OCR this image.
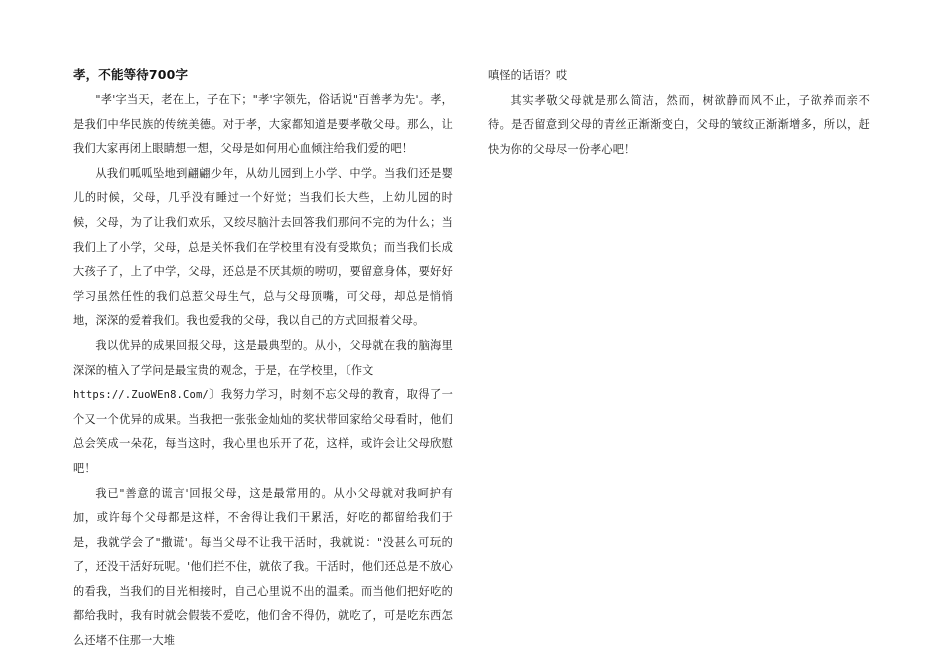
孝，不能等待700字

"孝'字当天，老在上，子在下；"孝'字领先，俗话说"百善孝为先'。孝，是我们中华民族的传统美德。对于孝，大家都知道是要孝敬父母。那么，让我们大家再闭上眼睛想一想，父母是如何用心血倾注给我们爱的吧！

从我们呱呱坠地到翩翩少年，从幼儿园到上小学、中学。当我们还是婴儿的时候，父母，几乎没有睡过一个好觉；当我们长大些，上幼儿园的时候，父母，为了让我们欢乐，又绞尽脑汁去回答我们那问不完的为什么；当我们上了小学，父母，总是关怀我们在学校里有没有受欺负；而当我们长成大孩子了，上了中学，父母，还总是不厌其烦的唠叨，要留意身体，要好好学习虽然任性的我们总惹父母生气，总与父母顶嘴，可父母，却总是悄悄地，深深的爱着我们。我也爱我的父母，我以自己的方式回报着父母。

我以优异的成果回报父母，这是最典型的。从小，父母就在我的脑海里深深的植入了学问是最宝贵的观念，于是，在学校里，〔作文

https://.ZuoWEn8.Com/〕我努力学习，时刻不忘父母的教育，取得了一个又一个优异的成果。当我把一张张金灿灿的奖状带回家给父母看时，他们总会笑成一朵花，每当这时，我心里也乐开了花，这样，或许会让父母欣慰吧！

我已"善意的谎言'回报父母，这是最常用的。从小父母就对我呵护有加，或许每个父母都是这样，不舍得让我们干累活，好吃的都留给我们于是，我就学会了"撒谎'。每当父母不让我干活时，我就说："没甚么可玩的了，还没干活好玩呢。'他们拦不住，就依了我。干活时，他们还总是不放心的看我，当我们的目光相接时，自己心里说不出的温柔。而当他们把好吃的都给我时，我有时就会假装不爱吃，他们舍不得仍，就吃了，可是吃东西怎么还堵不住那一大堆

嗔怪的话语？哎

其实孝敬父母就是那么简洁，然而，树欲静而风不止，子欲养而亲不待。是否留意到父母的青丝正渐渐变白，父母的皱纹正渐渐增多，所以，赶快为你的父母尽一份孝心吧！
